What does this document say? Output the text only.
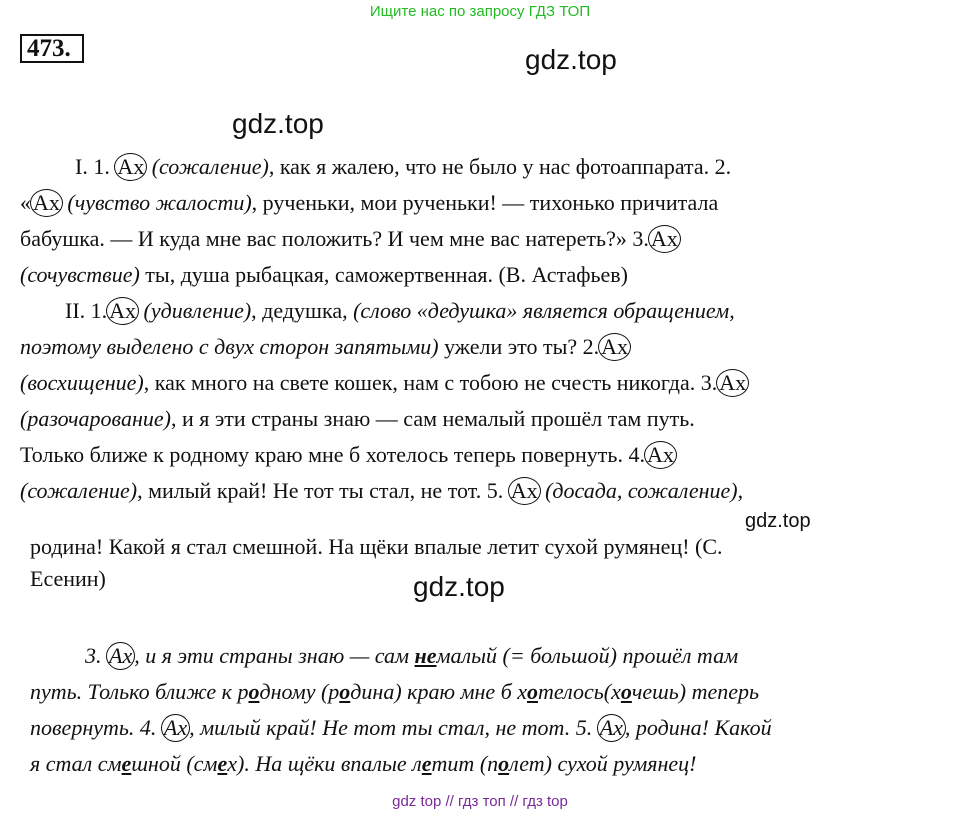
Ищите нас по запросу ГДЗ ТОП
473.	gdz.top
gdz.top
gdz.top
gdz.top
I. 1. Ах (сожаление), как я жалею, что не было у нас фотоаппарата. 2.
«Ах (чувство жалости), рученьки, мои рученьки! — тихонько причитала
бабушка. — И куда мне вас положить? И чем мне вас натереть?» 3.Ах
(сочувствие) ты, душа рыбацкая, саможертвенная. (В. Астафьев)
II. 1.Ах (удивление), дедушка, (слово «дедушка» является обращением,
поэтому выделено с двух сторон запятыми) ужели это ты? 2.Ах
(восхищение), как много на свете кошек, нам с тобою не счесть никогда. 3.Ах
(разочарование), и я эти страны знаю — сам немалый прошёл там путь.
Только ближе к родному краю мне б хотелось теперь повернуть. 4.Ах
(сожаление), милый край! Не тот ты стал, не тот. 5. Ах (досада, сожаление),
родина! Какой я стал смешной. На щёки впалые летит сухой румянец! (С.
Есенин)
3. Ах, и я эти страны знаю — сам немалый (= большой) прошёл там
путь. Только ближе к родному (родина) краю мне б хотелось(хочешь) теперь
повернуть. 4. Ах, милый край! Не тот ты стал, не тот. 5. Ах, родина! Какой
я стал смешной (смех). На щёки впалые летит (полет) сухой румянец!
gdz top // гдз топ // гдз top
